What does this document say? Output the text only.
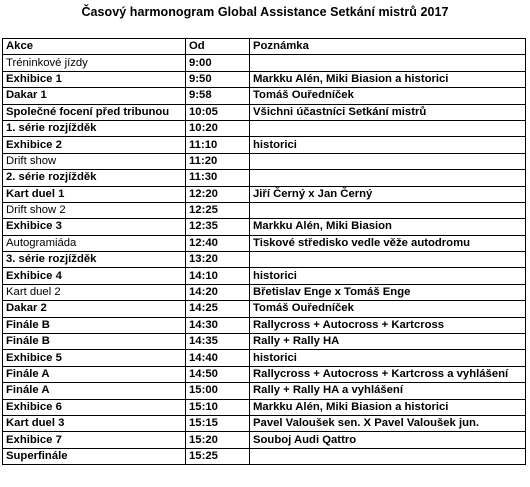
Časový harmonogram Global Assistance Setkání mistrů 2017
Akce	Od	Poznámka
Tréninkové jízdy	9:00	
Exhibice 1	9:50	Markku Alén, Miki Biasion a historici
Dakar 1	9:58	Tomáš Ouředníček
Společné focení před tribunou	10:05	Všichni účastníci Setkání mistrů
1. série rozjížděk	10:20	
Exhibice 2	11:10	historici
Drift show	11:20	
2. série rozjížděk	11:30	
Kart duel 1	12:20	Jiří Černý x Jan Černý
Drift show 2	12:25	
Exhibice 3	12:35	Markku Alén, Miki Biasion
Autogramiáda	12:40	Tiskové středisko vedle věže autodromu
3. série rozjížděk	13:20	
Exhibice 4	14:10	historici
Kart duel 2	14:20	Břetislav Enge x Tomáš Enge
Dakar 2	14:25	Tomáš Ouředníček
Finále B	14:30	Rallycross + Autocross + Kartcross
Finále B	14:35	Rally + Rally HA
Exhibice 5	14:40	historici
Finále A	14:50	Rallycross + Autocross + Kartcross a vyhlášení
Finále A	15:00	Rally + Rally HA a vyhlášení
Exhibice 6	15:10	Markku Alén, Miki Biasion a historici
Kart duel 3	15:15	Pavel Valoušek sen. X Pavel Valoušek jun.
Exhibice 7	15:20	Souboj Audi Qattro
Superfinále	15:25	
